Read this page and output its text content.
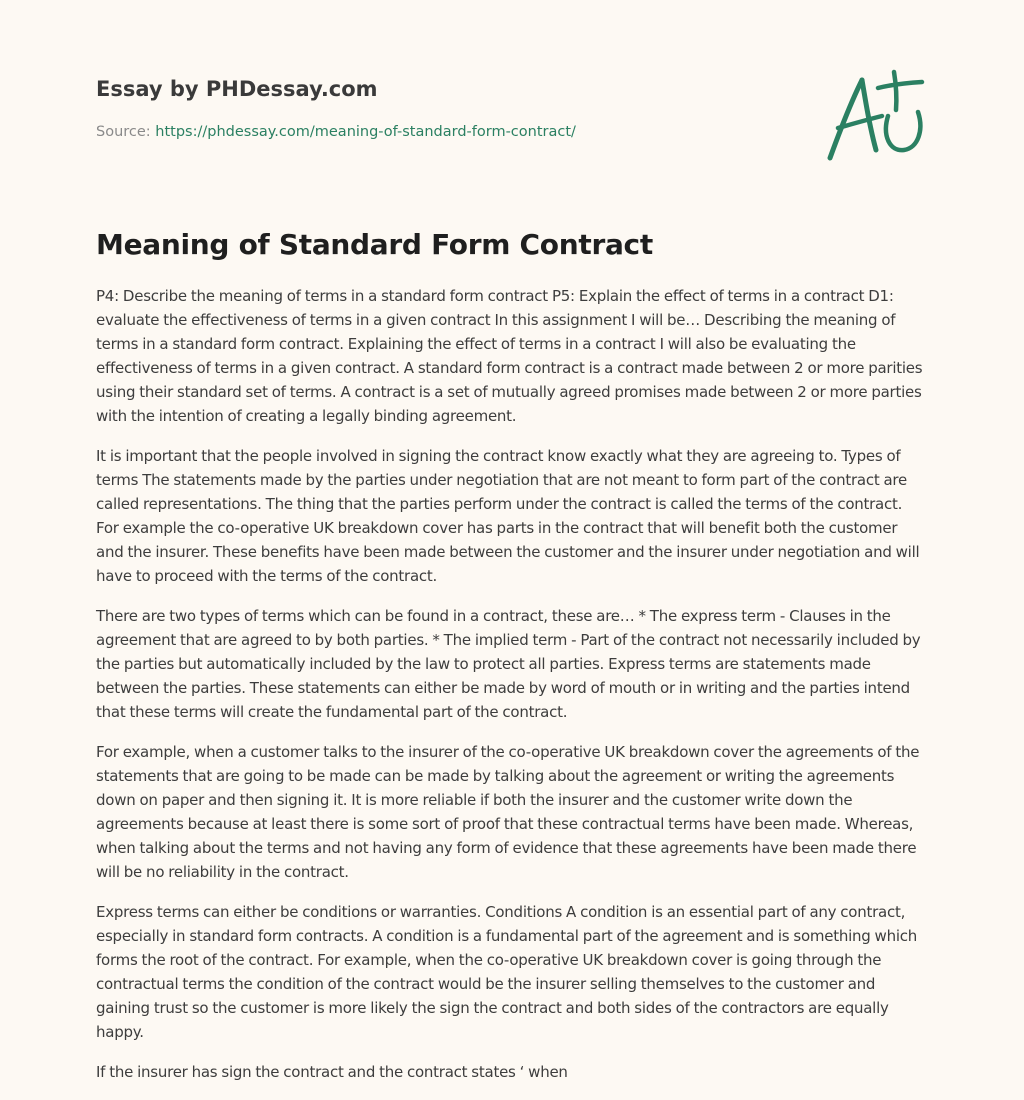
Essay by PHDessay.com
Source: https://phdessay.com/meaning-of-standard-form-contract/
Meaning of Standard Form Contract

P4: Describe the meaning of terms in a standard form contract P5: Explain the effect of terms in a contract D1: evaluate the effectiveness of terms in a given contract In this assignment I will be… Describing the meaning of terms in a standard form contract. Explaining the effect of terms in a contract I will also be evaluating the effectiveness of terms in a given contract. A standard form contract is a contract made between 2 or more parities using their standard set of terms. A contract is a set of mutually agreed promises made between 2 or more parties with the intention of creating a legally binding agreement.

It is important that the people involved in signing the contract know exactly what they are agreeing to. Types of terms The statements made by the parties under negotiation that are not meant to form part of the contract are called representations. The thing that the parties perform under the contract is called the terms of the contract. For example the co-operative UK breakdown cover has parts in the contract that will benefit both the customer and the insurer. These benefits have been made between the customer and the insurer under negotiation and will have to proceed with the terms of the contract.

There are two types of terms which can be found in a contract, these are… * The express term - Clauses in the agreement that are agreed to by both parties. * The implied term - Part of the contract not necessarily included by the parties but automatically included by the law to protect all parties. Express terms are statements made between the parties. These statements can either be made by word of mouth or in writing and the parties intend that these terms will create the fundamental part of the contract.

For example, when a customer talks to the insurer of the co-operative UK breakdown cover the agreements of the statements that are going to be made can be made by talking about the agreement or writing the agreements down on paper and then signing it. It is more reliable if both the insurer and the customer write down the agreements because at least there is some sort of proof that these contractual terms have been made. Whereas, when talking about the terms and not having any form of evidence that these agreements have been made there will be no reliability in the contract.

Express terms can either be conditions or warranties. Conditions A condition is an essential part of any contract, especially in standard form contracts. A condition is a fundamental part of the agreement and is something which forms the root of the contract. For example, when the co-operative UK breakdown cover is going through the contractual terms the condition of the contract would be the insurer selling themselves to the customer and gaining trust so the customer is more likely the sign the contract and both sides of the contractors are equally happy.

If the insurer has sign the contract and the contract states ‘ when
